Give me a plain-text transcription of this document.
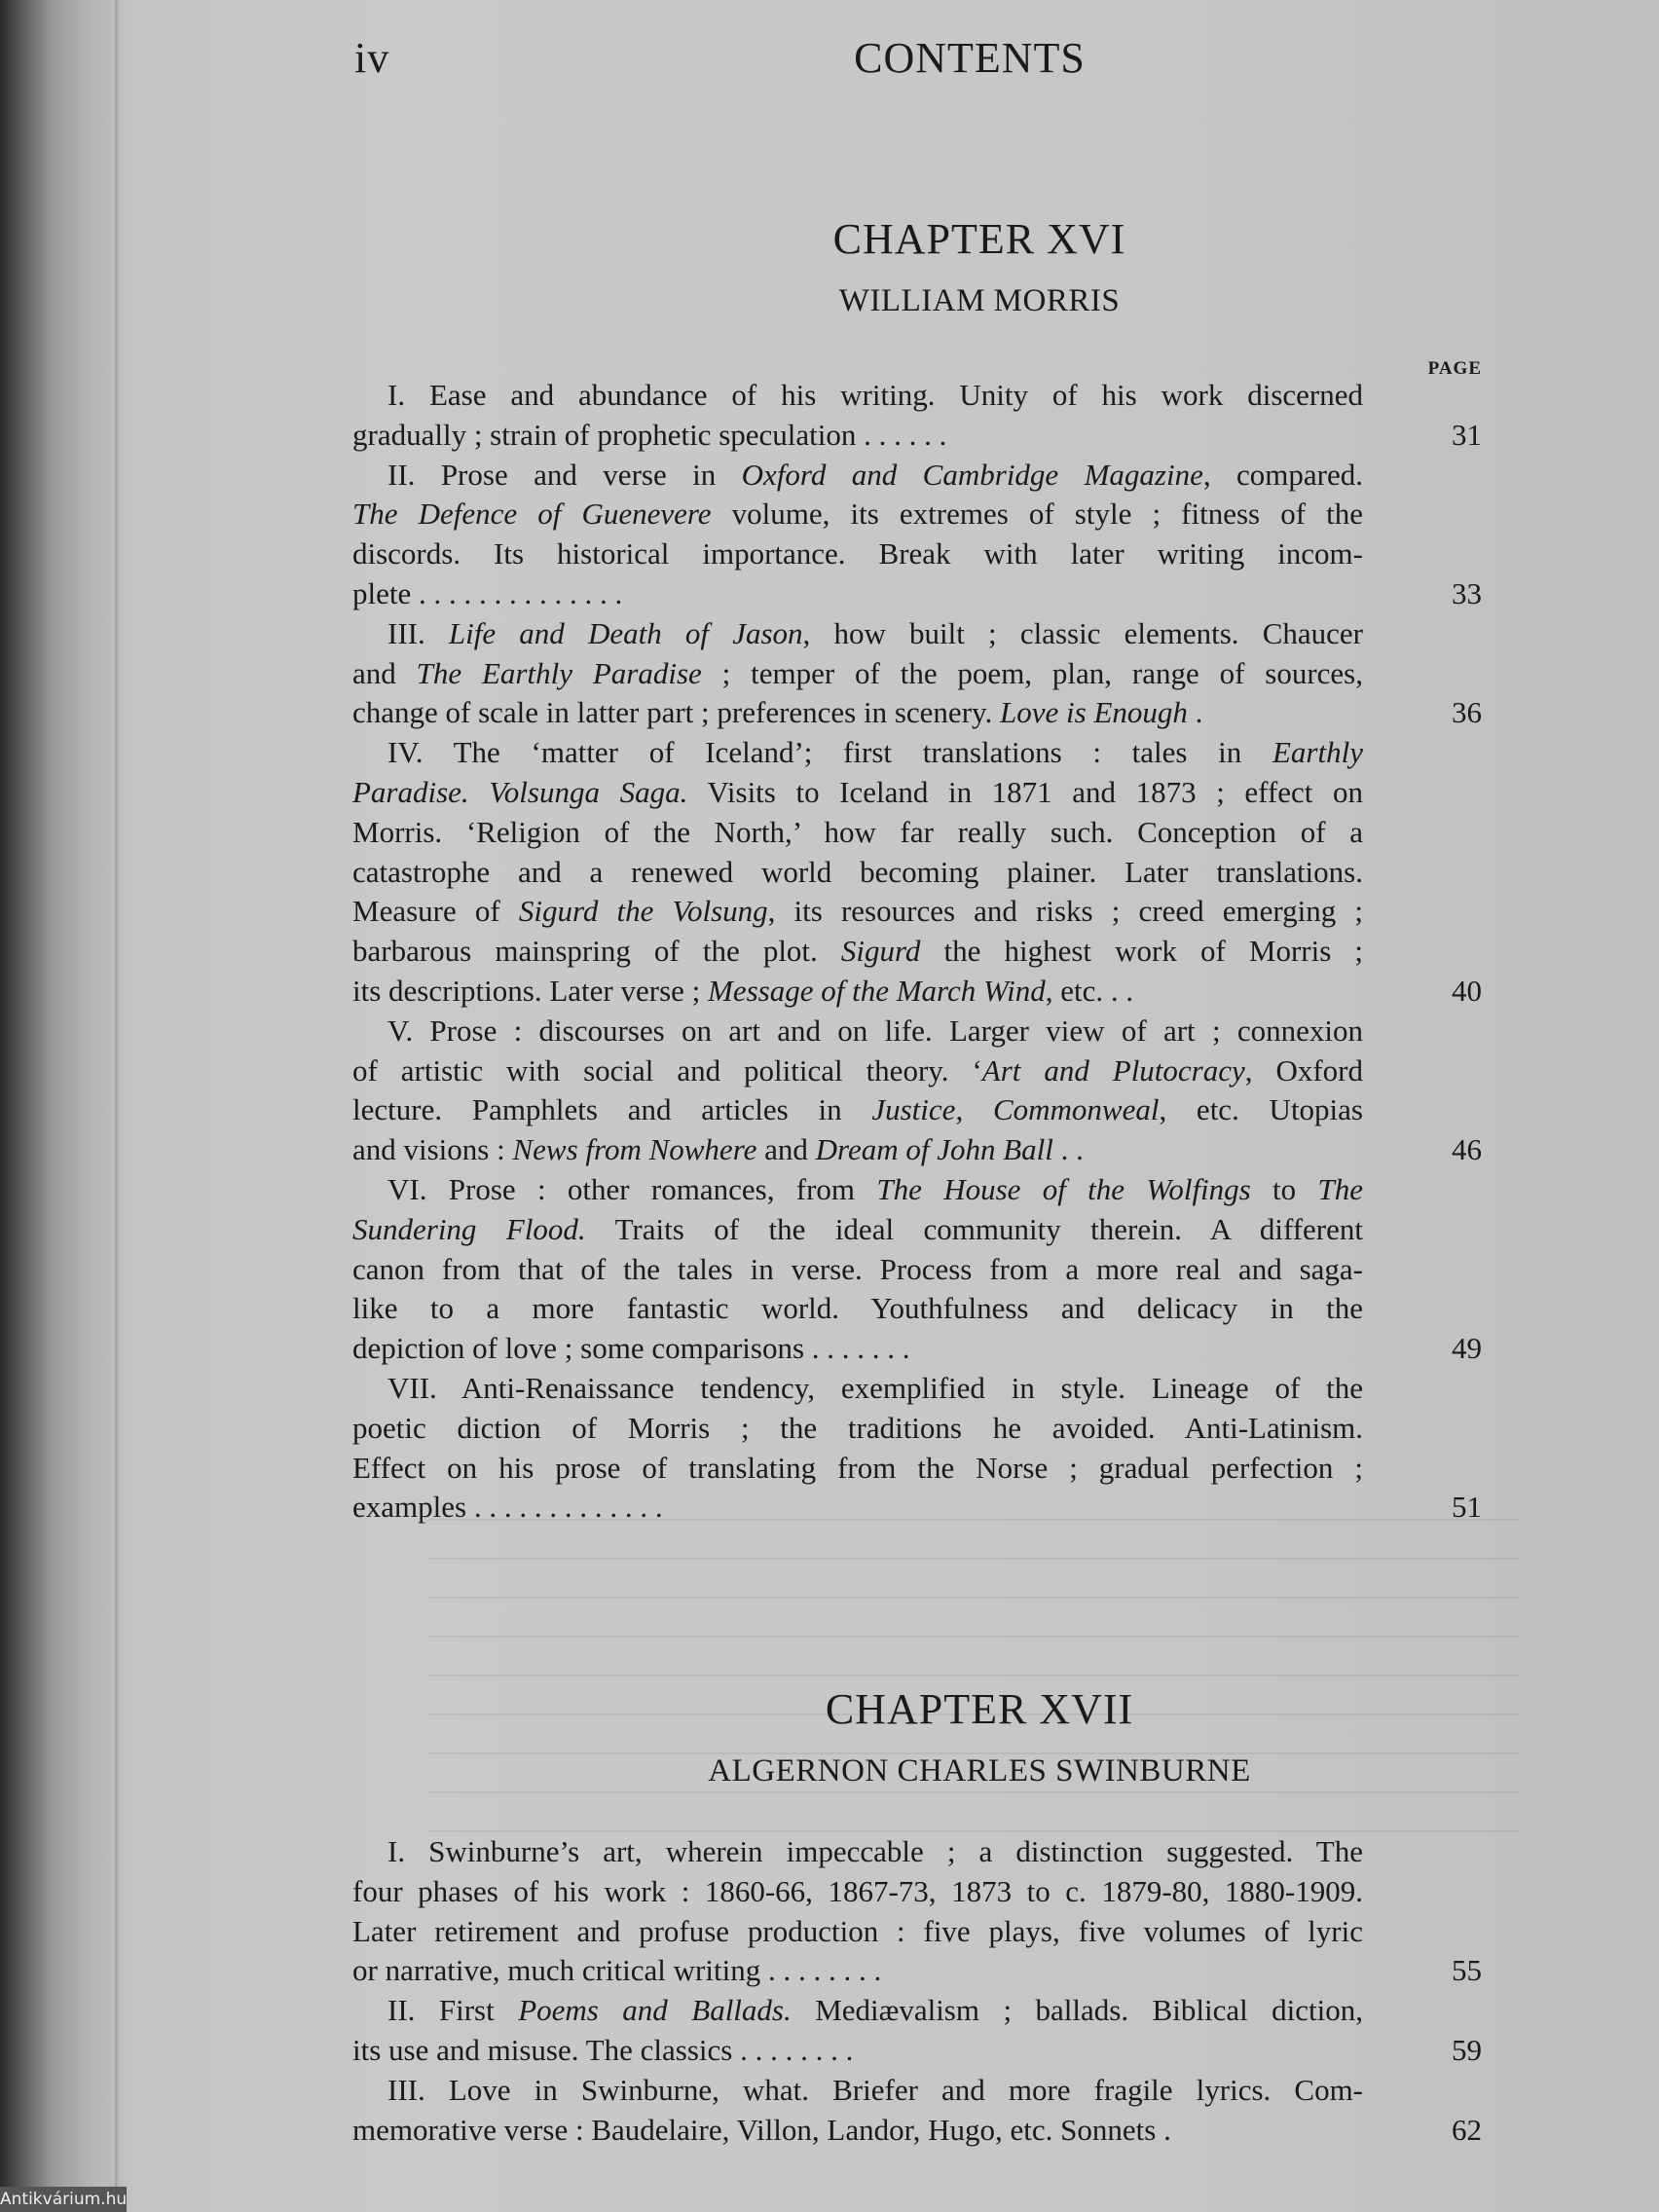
iv	CONTENTS
CHAPTER XVI
WILLIAM MORRIS
PAGE
I. Ease and abundance of his writing. Unity of his work discerned
gradually ; strain of prophetic speculation . . . . . .	31
II. Prose and verse in Oxford and Cambridge Magazine, compared.
The Defence of Guenevere volume, its extremes of style ; fitness of the
discords. Its historical importance. Break with later writing incom-
plete . . . . . . . . . . . . . .	33
III. Life and Death of Jason, how built ; classic elements. Chaucer
and The Earthly Paradise ; temper of the poem, plan, range of sources,
change of scale in latter part ; preferences in scenery. Love is Enough .	36
IV. The ‘matter of Iceland’; first translations : tales in Earthly
Paradise. Volsunga Saga. Visits to Iceland in 1871 and 1873 ; effect on
Morris. ‘Religion of the North,’ how far really such. Conception of a
catastrophe and a renewed world becoming plainer. Later translations.
Measure of Sigurd the Volsung, its resources and risks ; creed emerging ;
barbarous mainspring of the plot. Sigurd the highest work of Morris ;
its descriptions. Later verse ; Message of the March Wind, etc. . .	40
V. Prose : discourses on art and on life. Larger view of art ; connexion
of artistic with social and political theory. ‘Art and Plutocracy, Oxford
lecture. Pamphlets and articles in Justice, Commonweal, etc. Utopias
and visions : News from Nowhere and Dream of John Ball . .	46
VI. Prose : other romances, from The House of the Wolfings to The
Sundering Flood. Traits of the ideal community therein. A different
canon from that of the tales in verse. Process from a more real and saga-
like to a more fantastic world. Youthfulness and delicacy in the
depiction of love ; some comparisons . . . . . . .	49
VII. Anti-Renaissance tendency, exemplified in style. Lineage of the
poetic diction of Morris ; the traditions he avoided. Anti-Latinism.
Effect on his prose of translating from the Norse ; gradual perfection ;
examples . . . . . . . . . . . . .	51
CHAPTER XVII
ALGERNON CHARLES SWINBURNE
I. Swinburne’s art, wherein impeccable ; a distinction suggested. The
four phases of his work : 1860-66, 1867-73, 1873 to c. 1879-80, 1880-1909.
Later retirement and profuse production : five plays, five volumes of lyric
or narrative, much critical writing . . . . . . . .	55
II. First Poems and Ballads. Mediævalism ; ballads. Biblical diction,
its use and misuse. The classics . . . . . . . .	59
III. Love in Swinburne, what. Briefer and more fragile lyrics. Com-
memorative verse : Baudelaire, Villon, Landor, Hugo, etc. Sonnets .	62
Antikvárium.hu
